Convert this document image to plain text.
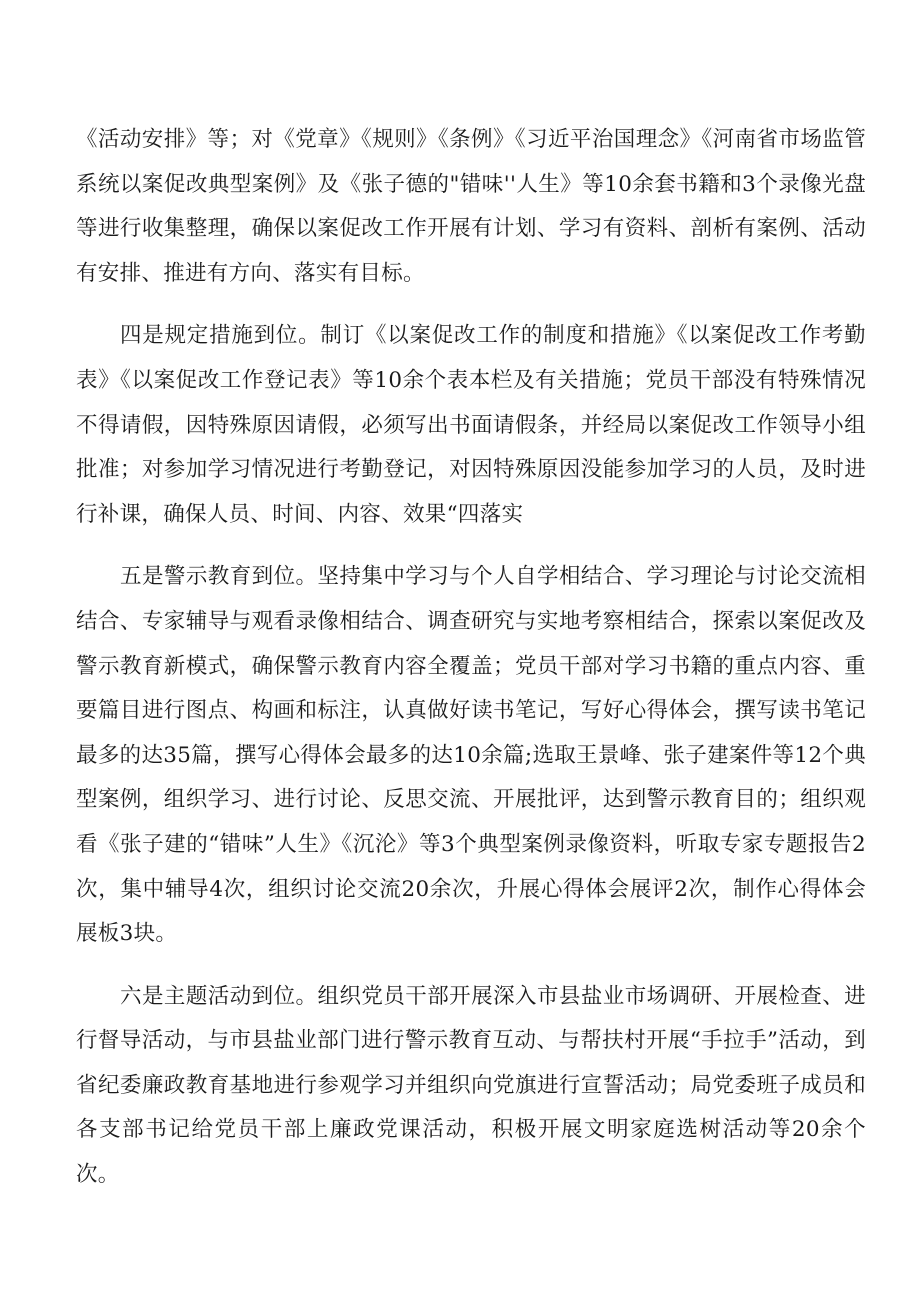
《活动安排》等；对《党章》《规则》《条例》《习近平治国理念》《河南省市场监管系统以案促改典型案例》及《张子德的"错味''人生》等10余套书籍和3个录像光盘等进行收集整理，确保以案促改工作开展有计划、学习有资料、剖析有案例、活动有安排、推进有方向、落实有目标。

四是规定措施到位。制订《以案促改工作的制度和措施》《以案促改工作考勤表》《以案促改工作登记表》等10余个表本栏及有关措施；党员干部没有特殊情况不得请假，因特殊原因请假，必须写出书面请假条，并经局以案促改工作领导小组批准；对参加学习情况进行考勤登记，对因特殊原因没能参加学习的人员，及时进行补课，确保人员、时间、内容、效果“四落实

五是警示教育到位。坚持集中学习与个人自学相结合、学习理论与讨论交流相结合、专家辅导与观看录像相结合、调查研究与实地考察相结合，探索以案促改及警示教育新模式，确保警示教育内容全覆盖；党员干部对学习书籍的重点内容、重要篇目进行图点、构画和标注，认真做好读书笔记，写好心得体会，撰写读书笔记最多的达35篇，撰写心得体会最多的达10余篇;选取王景峰、张子建案件等12个典型案例，组织学习、进行讨论、反思交流、开展批评，达到警示教育目的；组织观看《张子建的“错味”人生》《沉沦》等3个典型案例录像资料，听取专家专题报告2次，集中辅导4次，组织讨论交流20余次，升展心得体会展评2次，制作心得体会展板3块。

六是主题活动到位。组织党员干部开展深入市县盐业市场调研、开展检查、进行督导活动，与市县盐业部门进行警示教育互动、与帮扶村开展“手拉手”活动，到省纪委廉政教育基地进行参观学习并组织向党旗进行宣誓活动；局党委班子成员和各支部书记给党员干部上廉政党课活动，积极开展文明家庭选树活动等20余个次。
